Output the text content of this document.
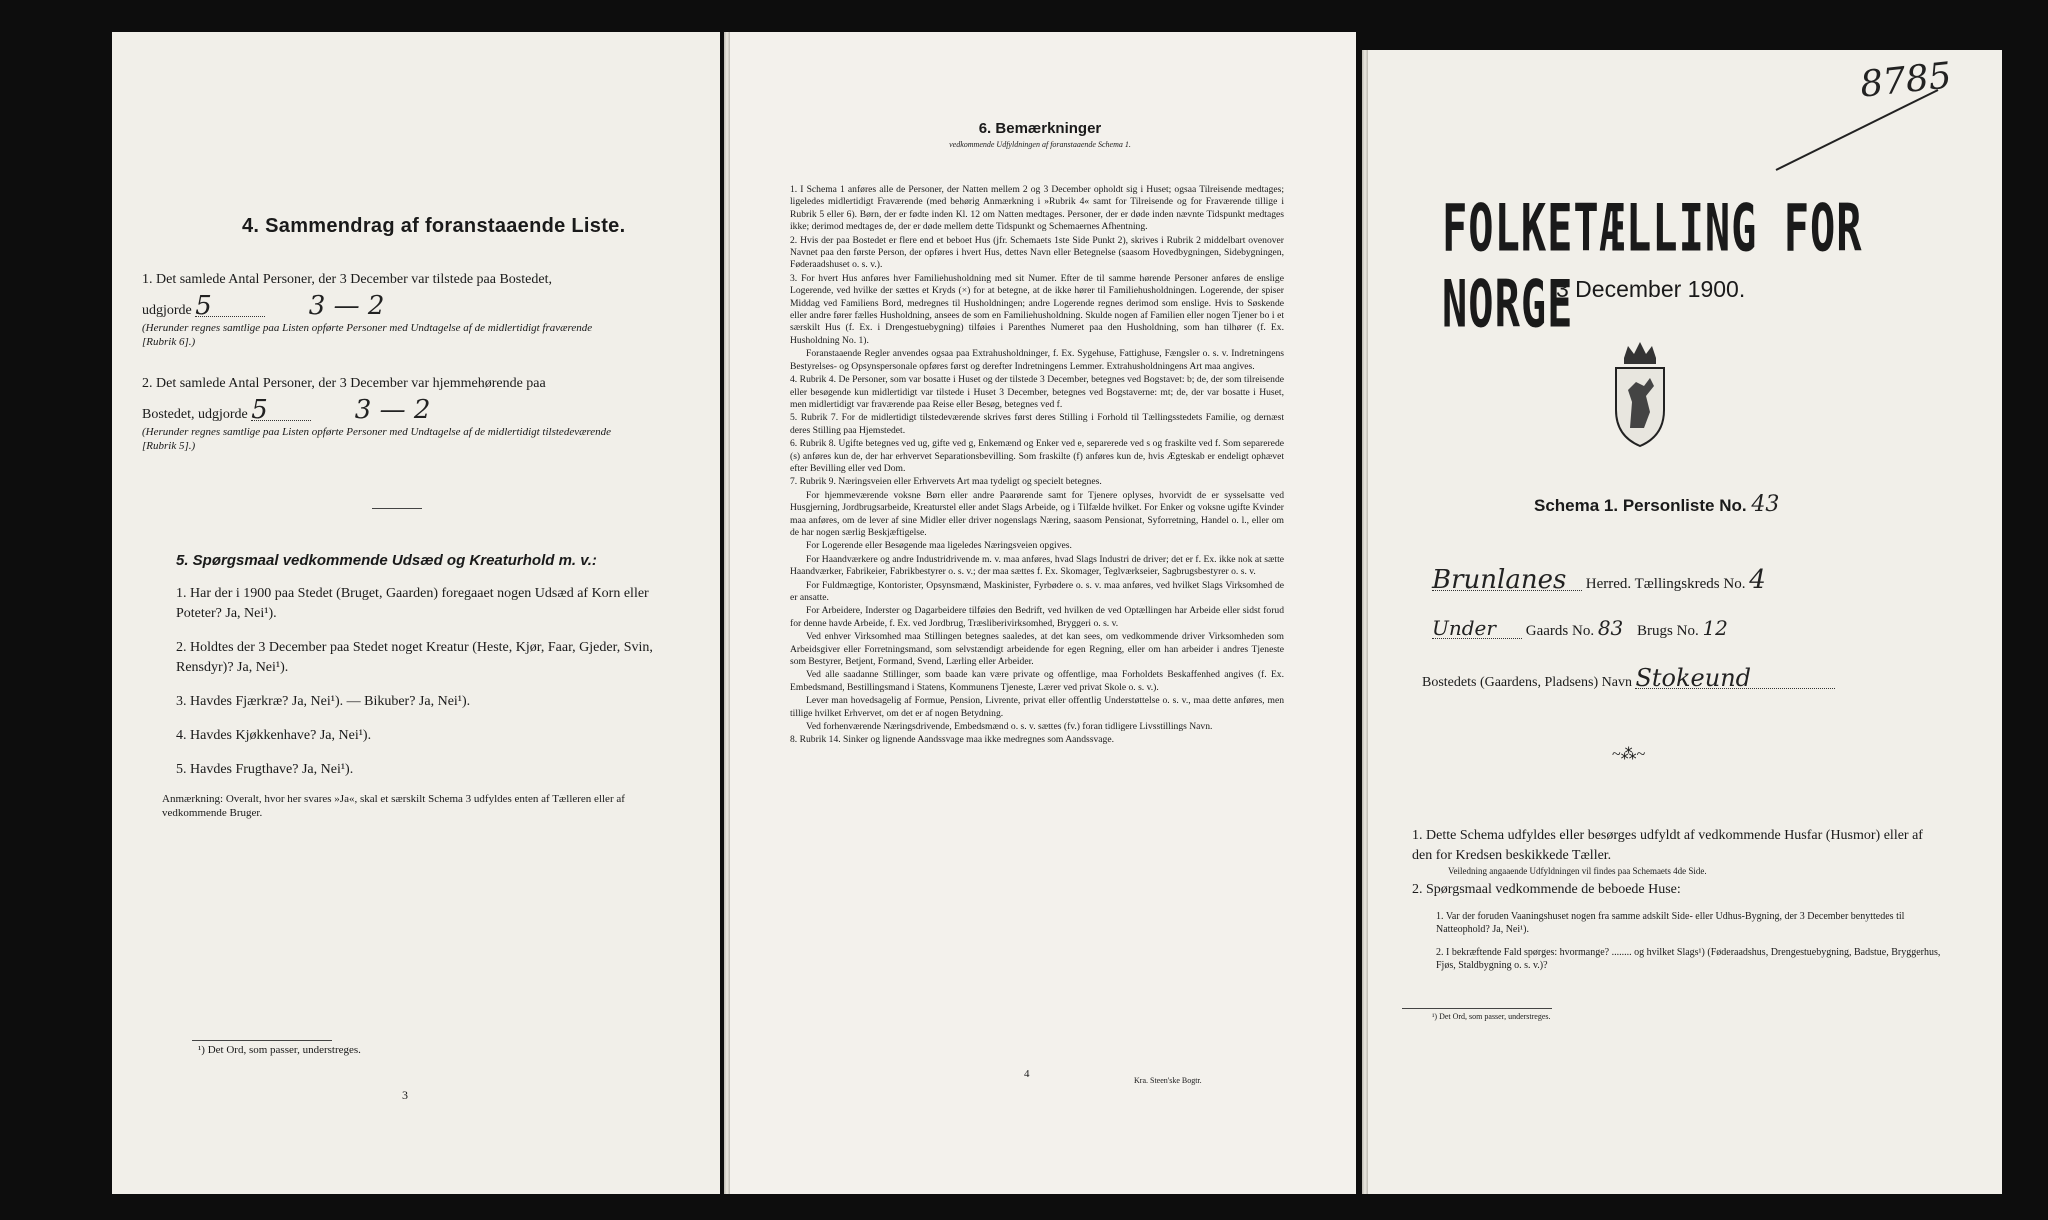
4. Sammendrag af foranstaaende Liste.
1. Det samlede Antal Personer, der 3 December var tilstede paa Bostedet,
udgjorde 5	3 — 2
(Herunder regnes samtlige paa Listen opførte Personer med Undtagelse af de midlertidigt fraværende [Rubrik 6].)
2. Det samlede Antal Personer, der 3 December var hjemmehørende paa
Bostedet, udgjorde 5	3 — 2
(Herunder regnes samtlige paa Listen opførte Personer med Undtagelse af de midlertidigt tilstedeværende [Rubrik 5].)
5. Spørgsmaal vedkommende Udsæd og Kreaturhold m. v.:
1. Har der i 1900 paa Stedet (Bruget, Gaarden) foregaaet nogen Udsæd af Korn eller Poteter? Ja, Nei¹).
2. Holdtes der 3 December paa Stedet noget Kreatur (Heste, Kjør, Faar, Gjeder, Svin, Rensdyr)? Ja, Nei¹).
3. Havdes Fjærkræ? Ja, Nei¹). — Bikuber? Ja, Nei¹).
4. Havdes Kjøkkenhave? Ja, Nei¹).
5. Havdes Frugthave? Ja, Nei¹).
Anmærkning: Overalt, hvor her svares »Ja«, skal et særskilt Schema 3 udfyldes enten af Tælleren eller af vedkommende Bruger.
¹) Det Ord, som passer, understreges.
3
6. Bemærkninger
vedkommende Udfyldningen af foranstaaende Schema 1.

1. I Schema 1 anføres alle de Personer, der Natten mellem 2 og 3 December opholdt sig i Huset; ogsaa Tilreisende medtages; ligeledes midlertidigt Fraværende (med behørig Anmærkning i »Rubrik 4« samt for Tilreisende og for Fraværende tillige i Rubrik 5 eller 6). Børn, der er fødte inden Kl. 12 om Natten medtages. Personer, der er døde inden nævnte Tidspunkt medtages ikke; derimod medtages de, der er døde mellem dette Tidspunkt og Schemaernes Afhentning.

2. Hvis der paa Bostedet er flere end et beboet Hus (jfr. Schemaets 1ste Side Punkt 2), skrives i Rubrik 2 middelbart ovenover Navnet paa den første Person, der opføres i hvert Hus, dettes Navn eller Betegnelse (saasom Hovedbygningen, Sidebygningen, Føderaadshuset o. s. v.).

3. For hvert Hus anføres hver Familiehusholdning med sit Numer. Efter de til samme hørende Personer anføres de enslige Logerende, ved hvilke der sættes et Kryds (×) for at betegne, at de ikke hører til Familiehusholdningen. Logerende, der spiser Middag ved Familiens Bord, medregnes til Husholdningen; andre Logerende regnes derimod som enslige. Hvis to Søskende eller andre fører fælles Husholdning, ansees de som en Familiehusholdning. Skulde nogen af Familien eller nogen Tjener bo i et særskilt Hus (f. Ex. i Drengestuebygning) tilføies i Parenthes Numeret paa den Husholdning, som han tilhører (f. Ex. Husholdning No. 1).

Foranstaaende Regler anvendes ogsaa paa Extrahusholdninger, f. Ex. Sygehuse, Fattighuse, Fængsler o. s. v. Indretningens Bestyrelses- og Opsynspersonale opføres først og derefter Indretningens Lemmer. Extrahusholdningens Art maa angives.

4. Rubrik 4. De Personer, som var bosatte i Huset og der tilstede 3 December, betegnes ved Bogstavet: b; de, der som tilreisende eller besøgende kun midlertidigt var tilstede i Huset 3 December, betegnes ved Bogstaverne: mt; de, der var bosatte i Huset, men midlertidigt var fraværende paa Reise eller Besøg, betegnes ved f.

5. Rubrik 7. For de midlertidigt tilstedeværende skrives først deres Stilling i Forhold til Tællingsstedets Familie, og dernæst deres Stilling paa Hjemstedet.

6. Rubrik 8. Ugifte betegnes ved ug, gifte ved g, Enkemænd og Enker ved e, separerede ved s og fraskilte ved f. Som separerede (s) anføres kun de, der har erhvervet Separationsbevilling. Som fraskilte (f) anføres kun de, hvis Ægteskab er endeligt ophævet efter Bevilling eller ved Dom.

7. Rubrik 9. Næringsveien eller Erhvervets Art maa tydeligt og specielt betegnes.

For hjemmeværende voksne Børn eller andre Paarørende samt for Tjenere oplyses, hvorvidt de er sysselsatte ved Husgjerning, Jordbrugsarbeide, Kreaturstel eller andet Slags Arbeide, og i Tilfælde hvilket. For Enker og voksne ugifte Kvinder maa anføres, om de lever af sine Midler eller driver nogenslags Næring, saasom Pensionat, Syforretning, Handel o. l., eller om de har nogen særlig Beskjæftigelse.

For Logerende eller Besøgende maa ligeledes Næringsveien opgives.

For Haandværkere og andre Industridrivende m. v. maa anføres, hvad Slags Industri de driver; det er f. Ex. ikke nok at sætte Haandværker, Fabrikeier, Fabrikbestyrer o. s. v.; der maa sættes f. Ex. Skomager, Teglværkseier, Sagbrugsbestyrer o. s. v.

For Fuldmægtige, Kontorister, Opsynsmænd, Maskinister, Fyrbødere o. s. v. maa anføres, ved hvilket Slags Virksomhed de er ansatte.

For Arbeidere, Inderster og Dagarbeidere tilføies den Bedrift, ved hvilken de ved Optællingen har Arbeide eller sidst forud for denne havde Arbeide, f. Ex. ved Jordbrug, Træsliberivirksomhed, Bryggeri o. s. v.

Ved enhver Virksomhed maa Stillingen betegnes saaledes, at det kan sees, om vedkommende driver Virksomheden som Arbeidsgiver eller Forretningsmand, som selvstændigt arbeidende for egen Regning, eller om han arbeider i andres Tjeneste som Bestyrer, Betjent, Formand, Svend, Lærling eller Arbeider.

Ved alle saadanne Stillinger, som baade kan være private og offentlige, maa Forholdets Beskaffenhed angives (f. Ex. Embedsmand, Bestillingsmand i Statens, Kommunens Tjeneste, Lærer ved privat Skole o. s. v.).

Lever man hovedsagelig af Formue, Pension, Livrente, privat eller offentlig Understøttelse o. s. v., maa dette anføres, men tillige hvilket Erhvervet, om det er af nogen Betydning.

Ved forhenværende Næringsdrivende, Embedsmænd o. s. v. sættes (fv.) foran tidligere Livsstillings Navn.

8. Rubrik 14. Sinker og lignende Aandssvage maa ikke medregnes som Aandssvage.

4
Kra. Steen'ske Bogtr.
8785
FOLKETÆLLING FOR NORGE
3 December 1900.
Schema 1. Personliste No. 43
Brunlanes Herred. Tællingskreds No. 4
Under Gaards No. 83 Brugs No. 12
Bostedets (Gaardens, Pladsens) Navn Stokeund
~⁂~
1. Dette Schema udfyldes eller besørges udfyldt af vedkommende Husfar (Husmor) eller af den for Kredsen beskikkede Tæller.
Veiledning angaaende Udfyldningen vil findes paa Schemaets 4de Side.
2. Spørgsmaal vedkommende de beboede Huse:
1. Var der foruden Vaaningshuset nogen fra samme adskilt Side- eller Udhus-Bygning, der 3 December benyttedes til Natteophold? Ja, Nei¹).
2. I bekræftende Fald spørges: hvormange? ........ og hvilket Slags¹) (Føderaadshus, Drengestuebygning, Badstue, Bryggerhus, Fjøs, Staldbygning o. s. v.)?
¹) Det Ord, som passer, understreges.
